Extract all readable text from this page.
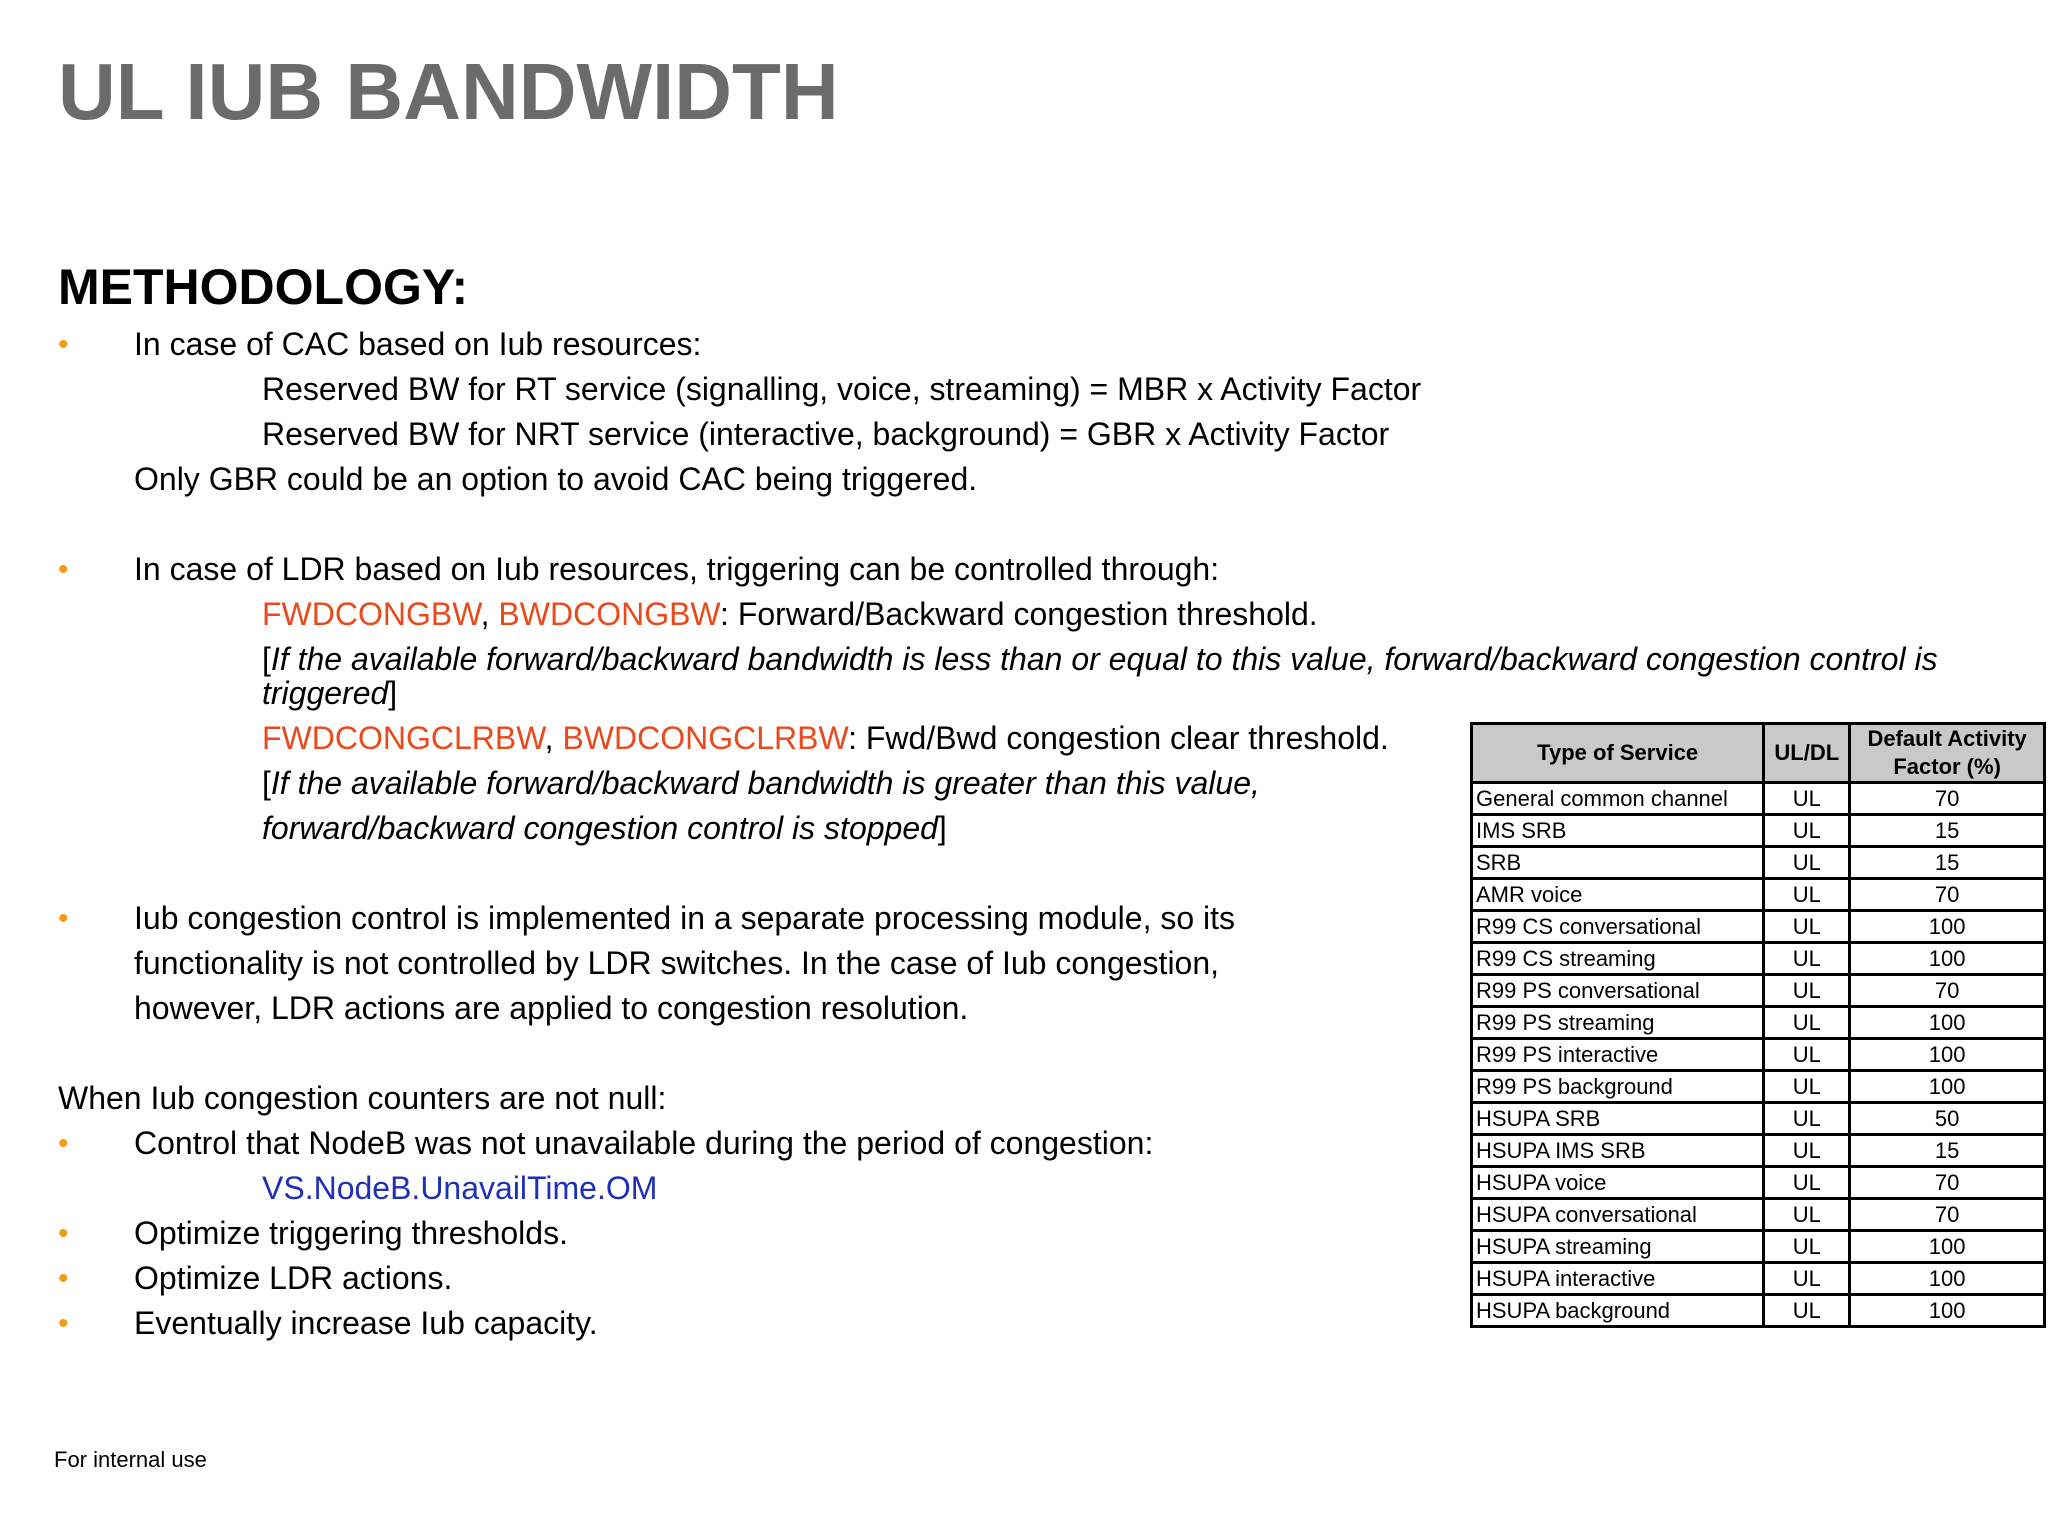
UL IUB BANDWIDTH
METHODOLOGY:
• In case of CAC based on Iub resources:
Reserved BW for RT service (signalling, voice, streaming) = MBR x Activity Factor
Reserved BW for NRT service (interactive, background) = GBR x Activity Factor
Only GBR could be an option to avoid CAC being triggered.
• In case of LDR based on Iub resources, triggering can be controlled through:
FWDCONGBW, BWDCONGBW: Forward/Backward congestion threshold.
[If the available forward/backward bandwidth is less than or equal to this value, forward/backward congestion control is triggered]
FWDCONGCLRBW, BWDCONGCLRBW: Fwd/Bwd congestion clear threshold.
[If the available forward/backward bandwidth is greater than this value,
forward/backward congestion control is stopped]
• Iub congestion control is implemented in a separate processing module, so its
functionality is not controlled by LDR switches. In the case of Iub congestion,
however, LDR actions are applied to congestion resolution.
When Iub congestion counters are not null:
• Control that NodeB was not unavailable during the period of congestion:
VS.NodeB.UnavailTime.OM
• Optimize triggering thresholds.
• Optimize LDR actions.
• Eventually increase Iub capacity.
Type of Service	UL/DL	Default Activity Factor (%)
General common channel	UL	70
IMS SRB	UL	15
SRB	UL	15
AMR voice	UL	70
R99 CS conversational	UL	100
R99 CS streaming	UL	100
R99 PS conversational	UL	70
R99 PS streaming	UL	100
R99 PS interactive	UL	100
R99 PS background	UL	100
HSUPA SRB	UL	50
HSUPA IMS SRB	UL	15
HSUPA voice	UL	70
HSUPA conversational	UL	70
HSUPA streaming	UL	100
HSUPA interactive	UL	100
HSUPA background	UL	100
For internal use
